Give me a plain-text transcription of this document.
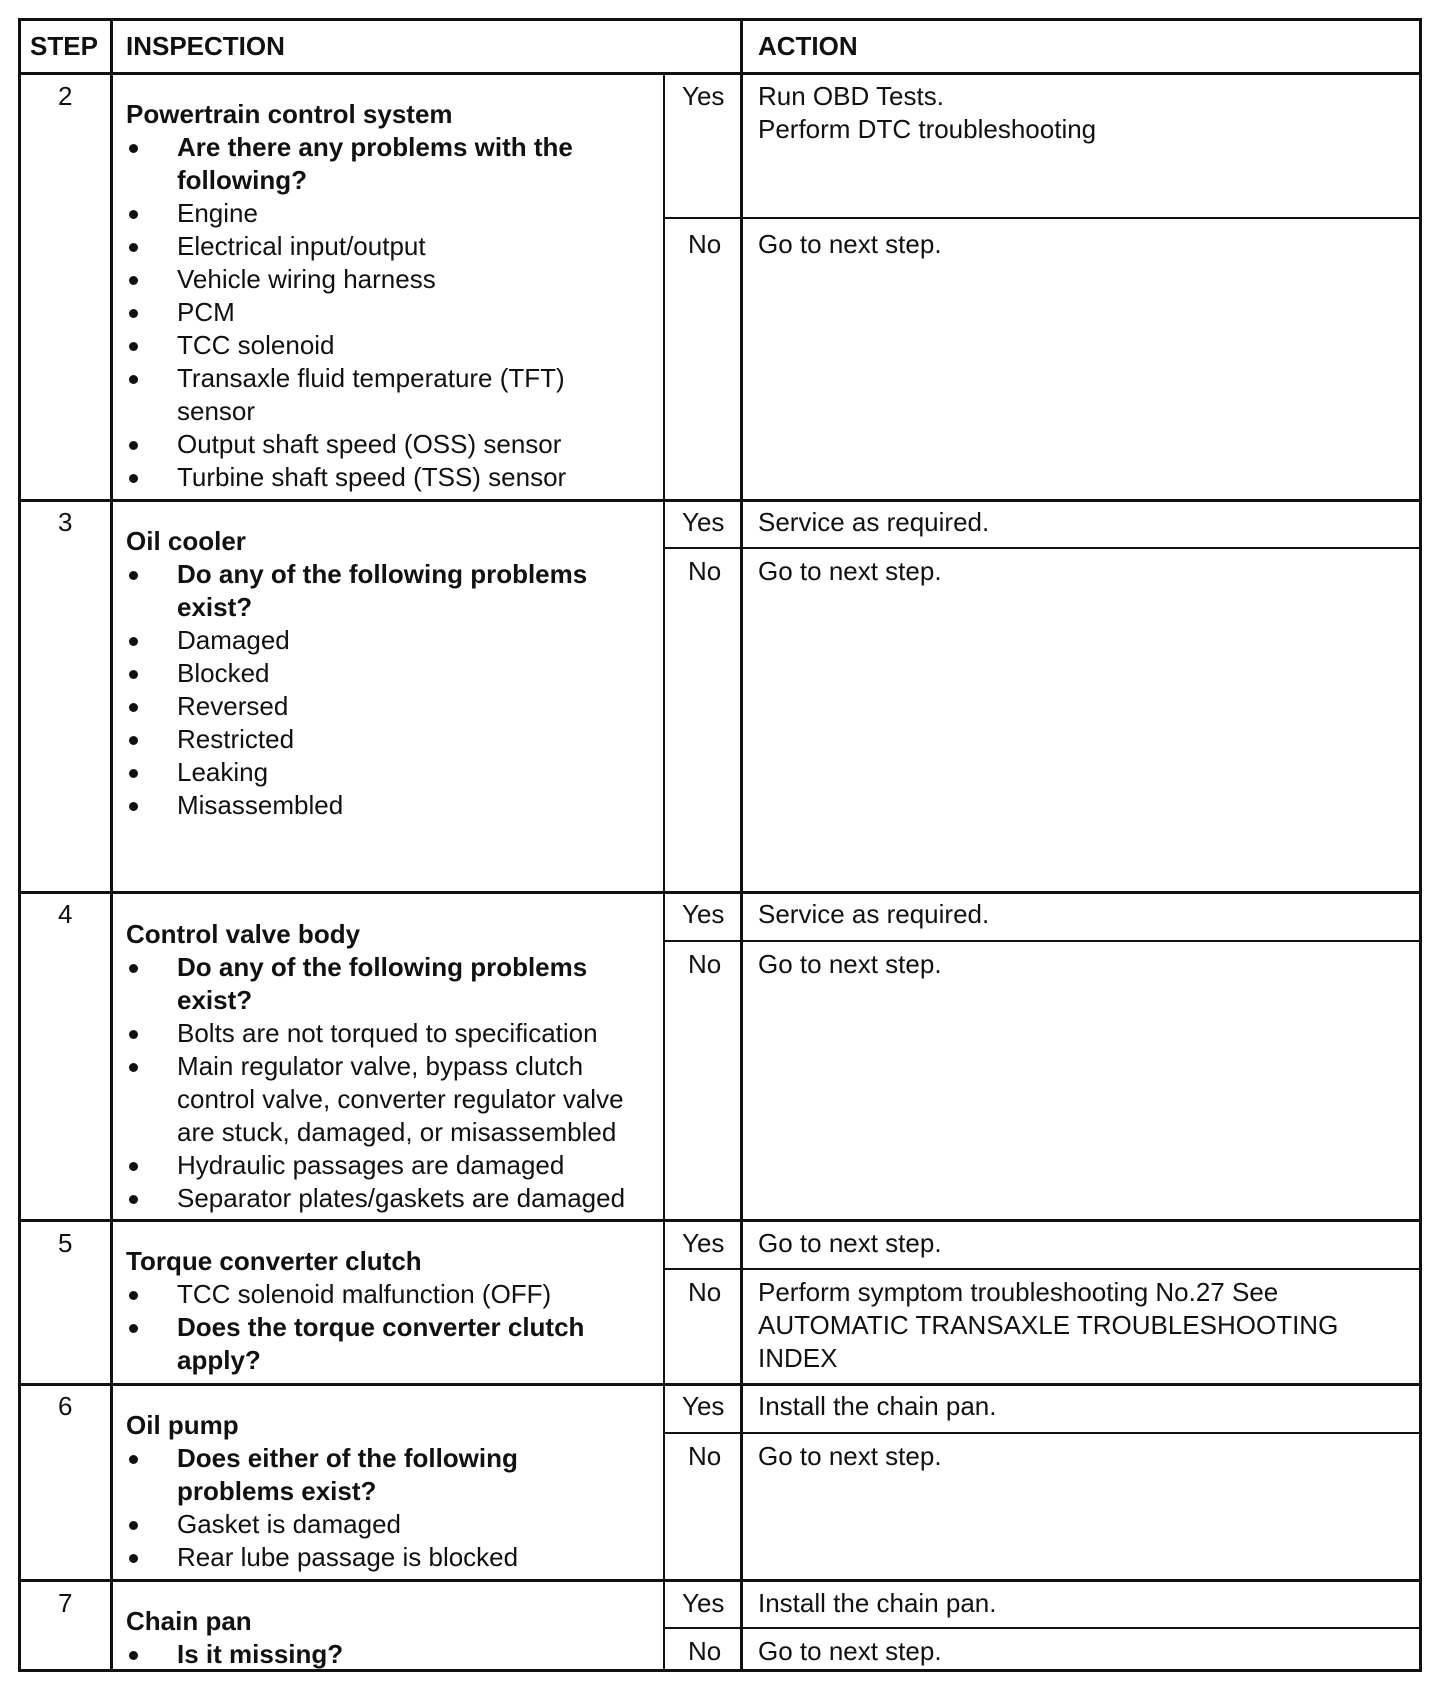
STEP INSPECTION	ACTION
2
Powertrain control system
Are there any problems with the
following?
Engine
Electrical input/output
Vehicle wiring harness
PCM
TCC solenoid
Transaxle fluid temperature (TFT)
sensor
Output shaft speed (OSS) sensor
Turbine shaft speed (TSS) sensor
Yes Run OBD Tests.
Perform DTC troubleshooting
No Go to next step.
3
Oil cooler
Do any of the following problems
exist?
Damaged
Blocked
Reversed
Restricted
Leaking
Misassembled
Yes Service as required.
No Go to next step.
4
Control valve body
Do any of the following problems
exist?
Bolts are not torqued to specification
Main regulator valve, bypass clutch
control valve, converter regulator valve
are stuck, damaged, or misassembled
Hydraulic passages are damaged
Separator plates/gaskets are damaged
Yes Service as required.
No Go to next step.
5
Torque converter clutch
TCC solenoid malfunction (OFF)
Does the torque converter clutch
apply?
Yes Go to next step.
No Perform symptom troubleshooting No.27 See
AUTOMATIC TRANSAXLE TROUBLESHOOTING
INDEX
6
Oil pump
Does either of the following
problems exist?
Gasket is damaged
Rear lube passage is blocked
Yes Install the chain pan.
No Go to next step.
7
Chain pan
Is it missing?
Yes Install the chain pan.
No Go to next step.
